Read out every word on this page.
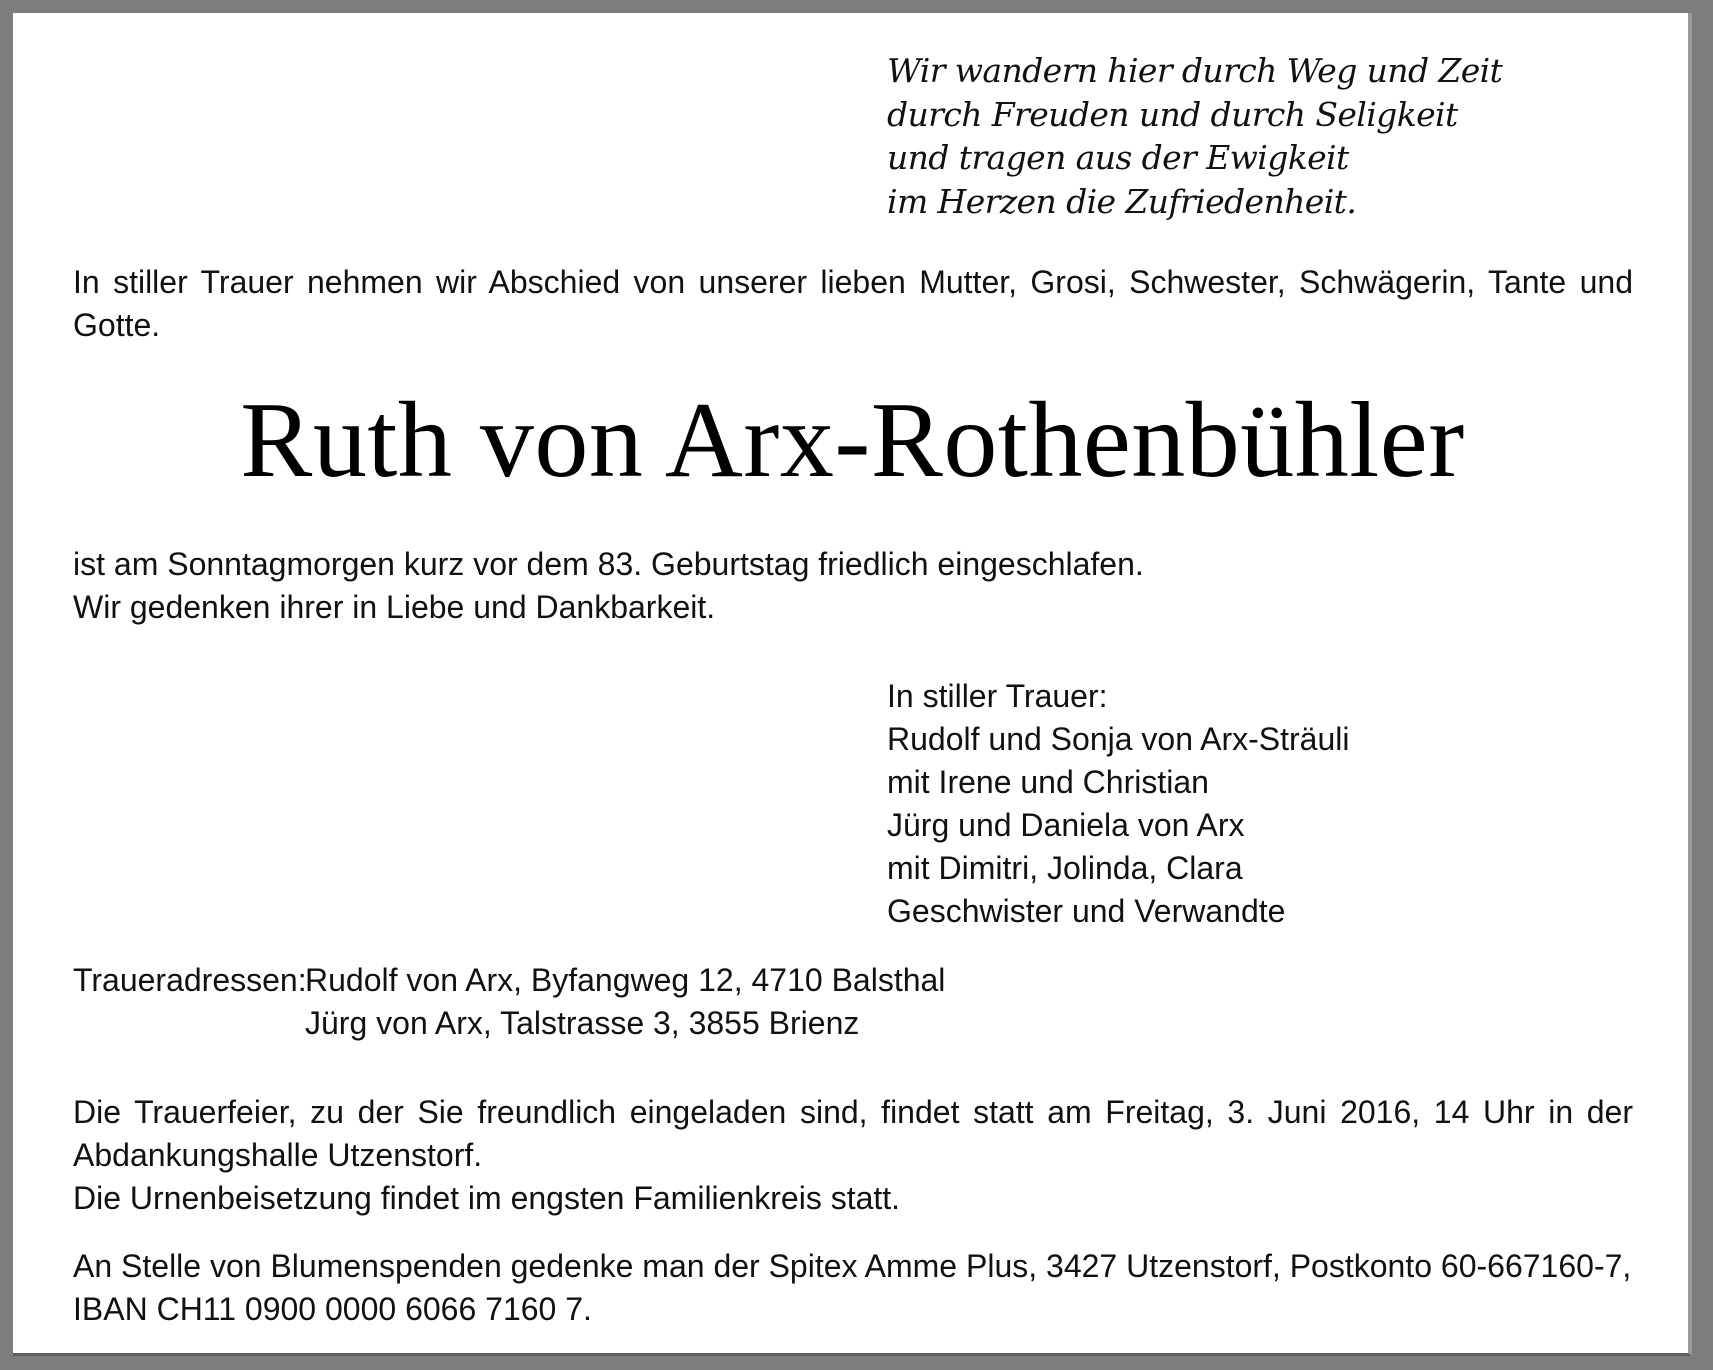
Wir wandern hier durch Weg und Zeit
durch Freuden und durch Seligkeit
und tragen aus der Ewigkeit
im Herzen die Zufriedenheit.
In stiller Trauer nehmen wir Abschied von unserer lieben Mutter, Grosi, Schwester, Schwägerin, Tante und Gotte.
Ruth von Arx-Rothenbühler
ist am Sonntagmorgen kurz vor dem 83. Geburtstag friedlich eingeschlafen.
Wir gedenken ihrer in Liebe und Dankbarkeit.
In stiller Trauer:
Rudolf und Sonja von Arx-Sträuli
mit Irene und Christian
Jürg und Daniela von Arx
mit Dimitri, Jolinda, Clara
Geschwister und Verwandte
Traueradressen:
Rudolf von Arx, Byfangweg 12, 4710 Balsthal
Jürg von Arx, Talstrasse 3, 3855 Brienz
Die Trauerfeier, zu der Sie freundlich eingeladen sind, findet statt am Freitag, 3. Juni 2016, 14 Uhr in der Abdankungshalle Utzenstorf.
Die Urnenbeisetzung findet im engsten Familienkreis statt.
An Stelle von Blumenspenden gedenke man der Spitex Amme Plus, 3427 Utzenstorf, Postkonto 60-667160-7,
IBAN CH11 0900 0000 6066 7160 7.
